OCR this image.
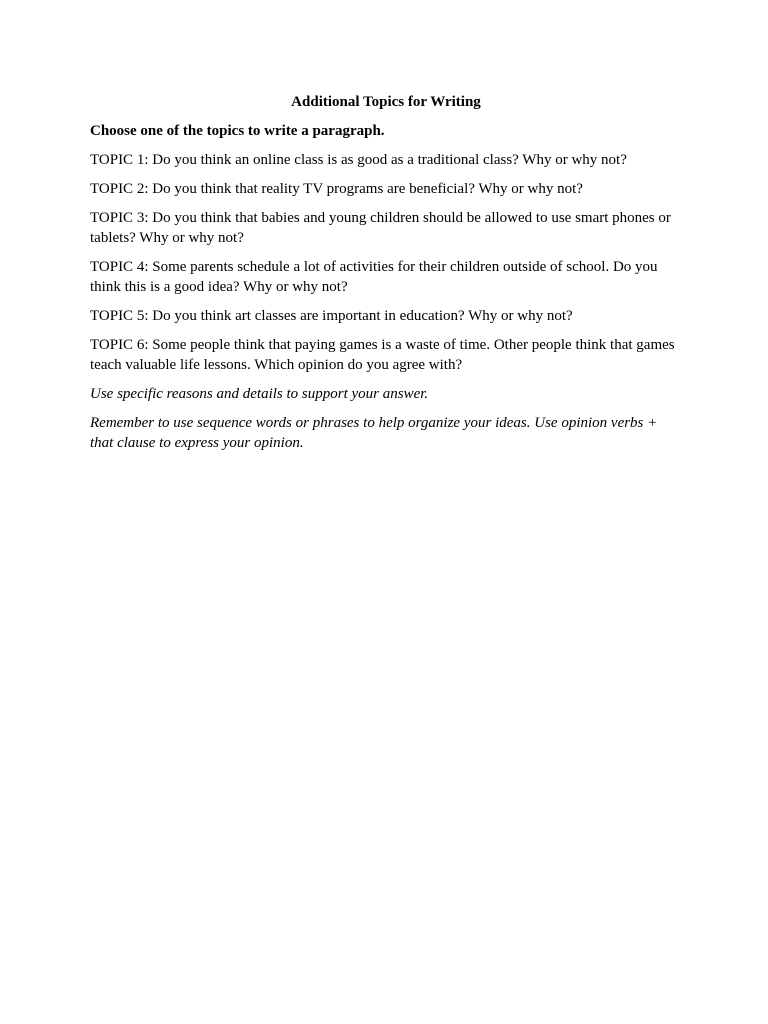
Additional Topics for Writing

Choose one of the topics to write a paragraph.

TOPIC 1: Do you think an online class is as good as a traditional class? Why or why not?

TOPIC 2: Do you think that reality TV programs are beneficial? Why or why not?

TOPIC 3: Do you think that babies and young children should be allowed to use smart phones or tablets? Why or why not?

TOPIC 4: Some parents schedule a lot of activities for their children outside of school. Do you think this is a good idea? Why or why not?

TOPIC 5: Do you think art classes are important in education? Why or why not?

TOPIC 6: Some people think that paying games is a waste of time. Other people think that games teach valuable life lessons. Which opinion do you agree with?

Use specific reasons and details to support your answer.

Remember to use sequence words or phrases to help organize your ideas. Use opinion verbs + that clause to express your opinion.
